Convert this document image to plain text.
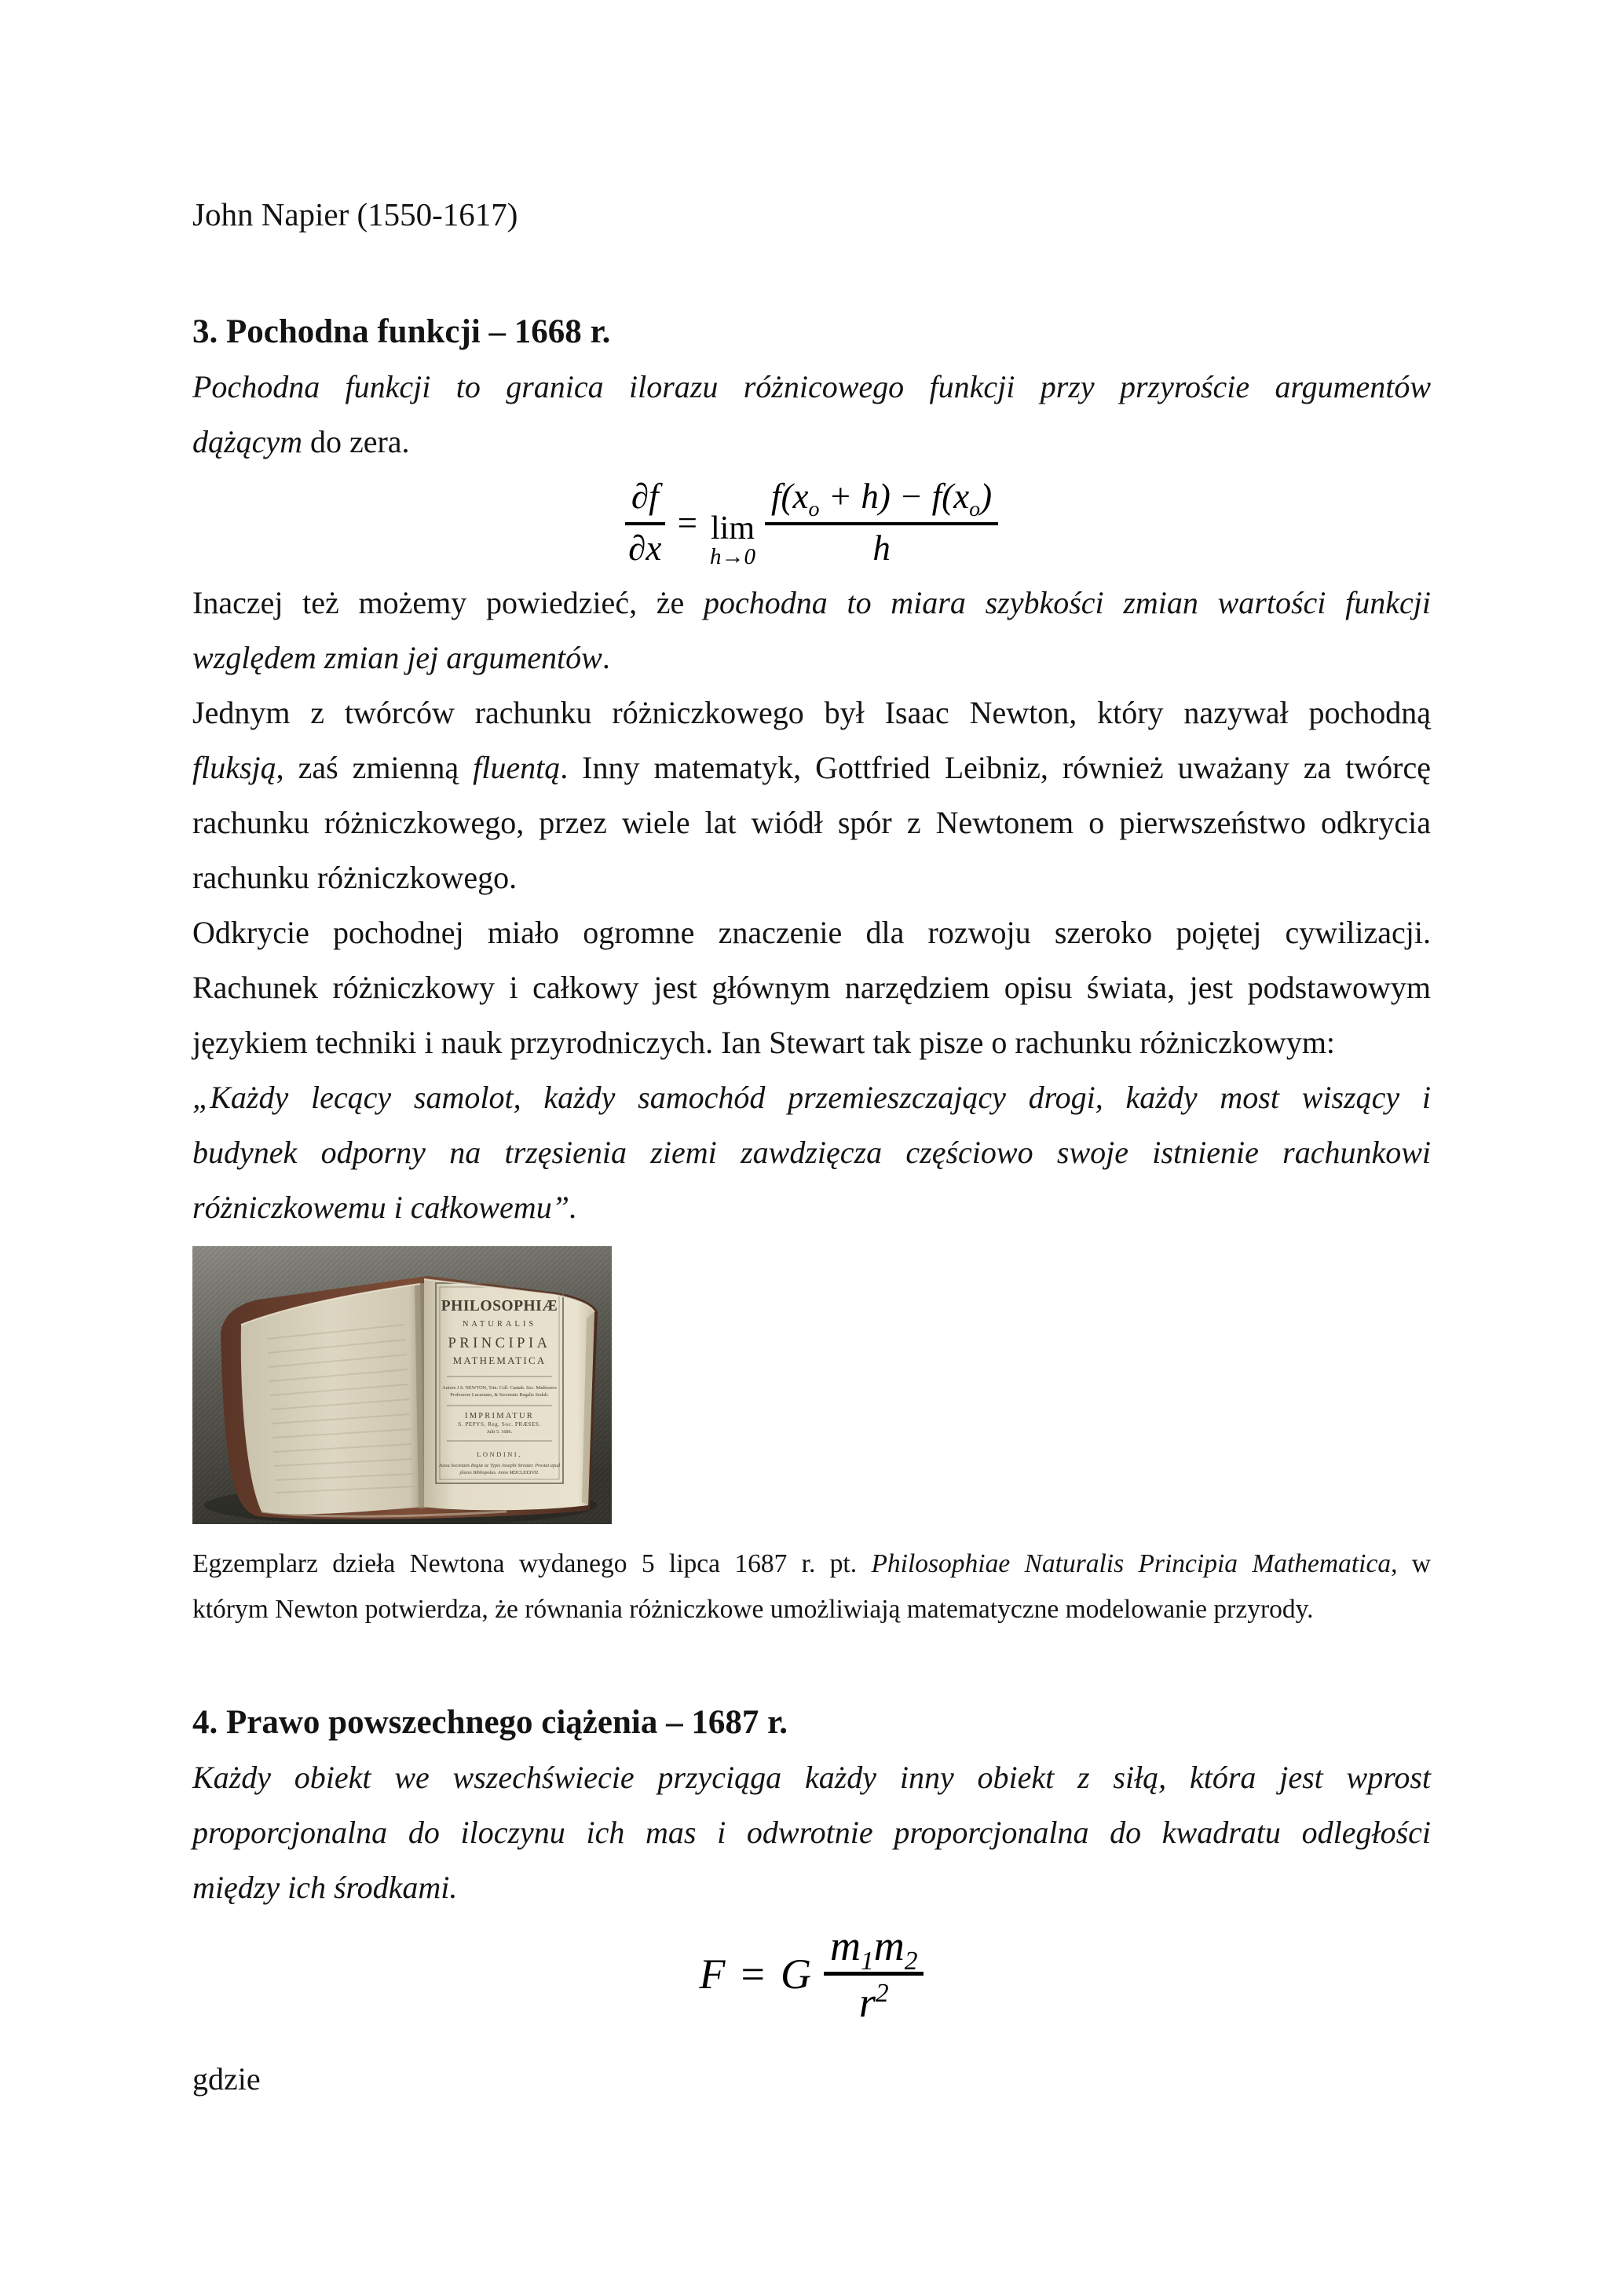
John Napier (1550-1617)
3. Pochodna funkcji – 1668 r.
Pochodna funkcji to granica ilorazu różnicowego funkcji przy przyroście argumentów
dążącym do zera.
$\frac{\partial f}{\partial x} = \lim$
$h\to 0 \frac{f(x_o + h) - f(x_o)}{h}$
Inaczej też możemy powiedzieć, że pochodna to miara szybkości zmian wartości funkcji
względem zmian jej argumentów.
Jednym z twórców rachunku różniczkowego był Isaac Newton, który nazywał pochodną
fluksją, zaś zmienną fluentą. Inny matematyk, Gottfried Leibniz, również uważany za twórcę
rachunku różniczkowego, przez wiele lat wiódł spór z Newtonem o pierwszeństwo odkrycia
rachunku różniczkowego.
Odkrycie pochodnej miało ogromne znaczenie dla rozwoju szeroko pojętej cywilizacji.
Rachunek różniczkowy i całkowy jest głównym narzędziem opisu świata, jest podstawowym
językiem techniki i nauk przyrodniczych. Ian Stewart tak pisze o rachunku różniczkowym:
„Każdy lecący samolot, każdy samochód przemieszczający drogi, każdy most wiszący i
budynek odporny na trzęsienia ziemi zawdzięcza częściowo swoje istnienie rachunkowi
różniczkowemu i całkowemu”.
PHILOSOPHIÆ
NATURALIS
PRINCIPIA
MATHEMATICA
Autore J S. NEWTON, Trin. Coll. Cantab. Soc. Matheseos
Professore Lucasiano, & Societatis Regalis Sodali.
IMPRIMATUR
S. PEPYS, Reg. Soc. PRÆSES.
Julii 5. 1686.
LONDINI,
Jussu Societatis Regiæ ac Typis Josephi Streater. Prostat apud
plures Bibliopolas. Anno MDCLXXXVII.
Egzemplarz dzieła Newtona wydanego 5 lipca 1687 r. pt. Philosophiae Naturalis Principia Mathematica, w
którym Newton potwierdza, że równania różniczkowe umożliwiają matematyczne modelowanie przyrody.
4. Prawo powszechnego ciążenia – 1687 r.
Każdy obiekt we wszechświecie przyciąga każdy inny obiekt z siłą, która jest wprost
proporcjonalna do iloczynu ich mas i odwrotnie proporcjonalna do kwadratu odległości
między ich środkami.
F = G $\frac{m_1m_2}{r^2}$
gdzie
